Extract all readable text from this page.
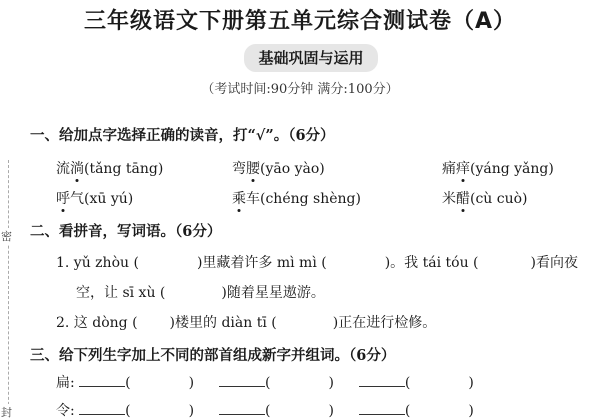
三年级语文下册第五单元综合测试卷（A）
基础巩固与运用
（考试时间:90分钟 满分:100分）
密
封
一、给加点字选择正确的读音，打“√”。（6分）
流淌(tǎng tāng)	弯腰(yāo yào)	痛痒(yáng yǎng)
呼气(xū yú)	乘车(chéng shèng)	米醋(cù cuò)
二、看拼音，写词语。（6分）
1. yǔ zhòu (	)里藏着许多 mì mì (	)。我 tái tóu (	)看向夜
空，让 sī xù (	)随着星星遨游。
2. 这 dòng ( )楼里的 diàn tī (	)正在进行检修。
三、给下列生字加上不同的部首组成新字并组词。（6分）
扁:	(	)	(	)	(	)
令:	(	)	(	)	(	)
